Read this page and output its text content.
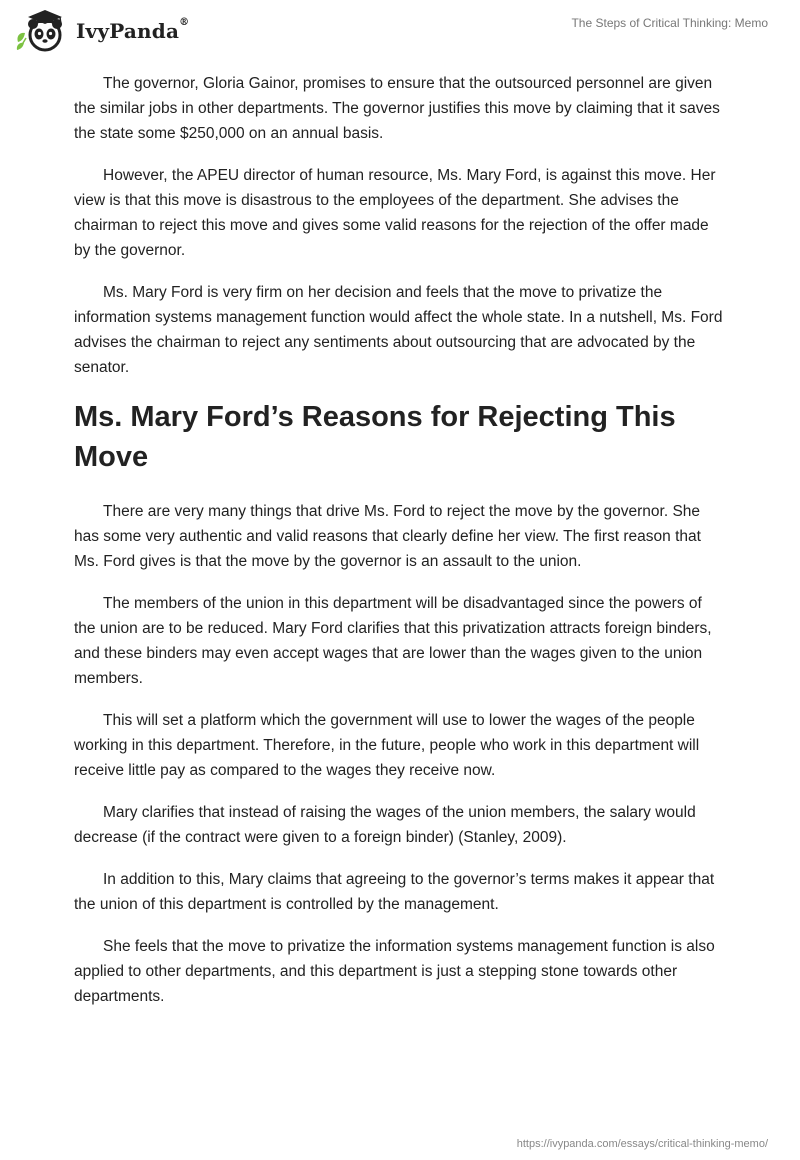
IvyPanda®	The Steps of Critical Thinking: Memo

The governor, Gloria Gainor, promises to ensure that the outsourced personnel are given the similar jobs in other departments. The governor justifies this move by claiming that it saves the state some $250,000 on an annual basis.

However, the APEU director of human resource, Ms. Mary Ford, is against this move. Her view is that this move is disastrous to the employees of the department. She advises the chairman to reject this move and gives some valid reasons for the rejection of the offer made by the governor.

Ms. Mary Ford is very firm on her decision and feels that the move to privatize the information systems management function would affect the whole state. In a nutshell, Ms. Ford advises the chairman to reject any sentiments about outsourcing that are advocated by the senator.

Ms. Mary Ford’s Reasons for Rejecting This Move

There are very many things that drive Ms. Ford to reject the move by the governor. She has some very authentic and valid reasons that clearly define her view. The first reason that Ms. Ford gives is that the move by the governor is an assault to the union.

The members of the union in this department will be disadvantaged since the powers of the union are to be reduced. Mary Ford clarifies that this privatization attracts foreign binders, and these binders may even accept wages that are lower than the wages given to the union members.

This will set a platform which the government will use to lower the wages of the people working in this department. Therefore, in the future, people who work in this department will receive little pay as compared to the wages they receive now.

Mary clarifies that instead of raising the wages of the union members, the salary would decrease (if the contract were given to a foreign binder) (Stanley, 2009).

In addition to this, Mary claims that agreeing to the governor’s terms makes it appear that the union of this department is controlled by the management.

She feels that the move to privatize the information systems management function is also applied to other departments, and this department is just a stepping stone towards other departments.

https://ivypanda.com/essays/critical-thinking-memo/
